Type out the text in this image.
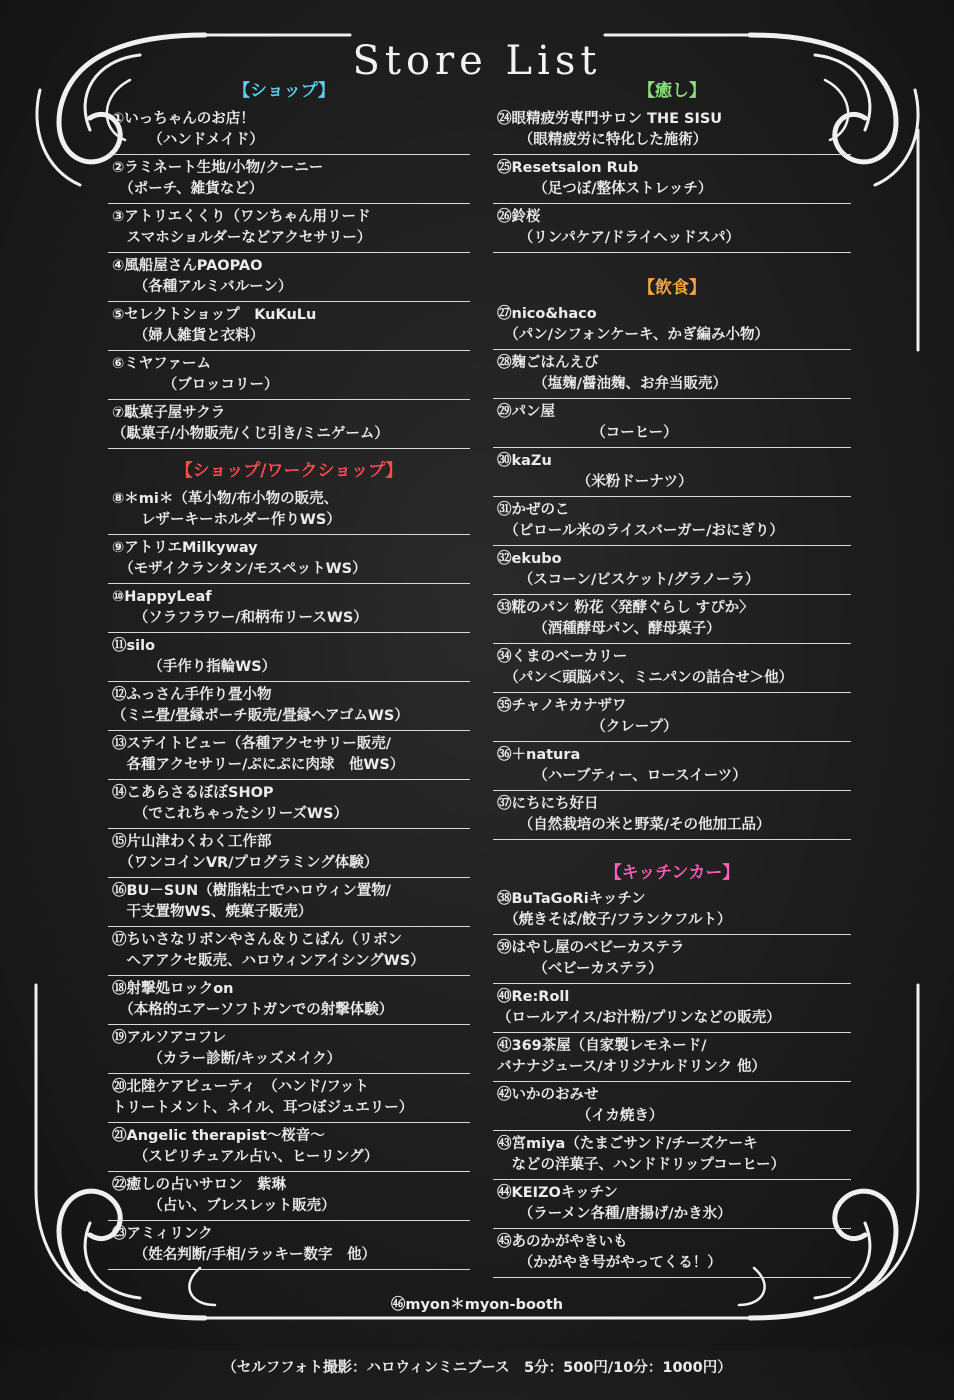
Store List
【ショップ】
①いっちゃんのお店！
　　　（ハンドメイド）
②ラミネート生地/小物/クーニー
　（ポーチ、雑貨など）
③アトリエくくり（ワンちゃん用リード
　スマホショルダーなどアクセサリー）
④風船屋さんPAOPAO
　　（各種アルミバルーン）
⑤セレクトショップ　KuKuLu
　　（婦人雑貨と衣料）
⑥ミヤファーム
　　　　（ブロッコリー）
⑦駄菓子屋サクラ
（駄菓子/小物販売/くじ引き/ミニゲーム）
【ショップ/ワークショップ】
⑧＊mi＊（革小物/布小物の販売、
　　レザーキーホルダー作りWS）
⑨アトリエMilkyway
　（モザイクランタン/モスペットWS）
⑩HappyLeaf
　　（ソラフラワー/和柄布リースWS）
⑪silo
　　　（手作り指輪WS）
⑫ふっさん手作り畳小物
（ミニ畳/畳縁ポーチ販売/畳縁ヘアゴムWS）
⑬ステイトビュー（各種アクセサリー販売/
　各種アクセサリー/ぷにぷに肉球　他WS）
⑭こあらさるぼぼSHOP
　　（でこれちゃったシリーズWS）
⑮片山津わくわく工作部
　（ワンコインVR/プログラミング体験）
⑯BU－SUN（樹脂粘土でハロウィン置物/
　干支置物WS、焼菓子販売）
⑰ちいさなリボンやさん＆りこぱん（リボン
　ヘアアクセ販売、ハロウィンアイシングWS）
⑱射撃処ロックon
　（本格的エアーソフトガンでの射撃体験）
⑲アルソアコフレ
　　　（カラー診断/キッズメイク）
⑳北陸ケアビューティ　（ハンド/フット
トリートメント、ネイル、耳つぼジュエリー）
㉑Angelic therapist～桜音～
　　（スピリチュアル占い、ヒーリング）
㉒癒しの占いサロン　紫琳
　　　（占い、ブレスレット販売）
㉓アミィリンク
　　（姓名判断/手相/ラッキー数字　他）
【癒し】
㉔眼精疲労専門サロン THE SISU
　　（眼精疲労に特化した施術）
㉕Resetsalon Rub
　　　（足つぼ/整体ストレッチ）
㉖鈴桜
　　（リンパケア/ドライヘッドスパ）
【飲食】
㉗nico&haco
　（パン/シフォンケーキ、かぎ編み小物）
㉘麹ごはんえび
　　　（塩麹/醤油麹、お弁当販売）
㉙パン屋
　　　　　　　（コーヒー）
㉚kaZu
　　　　　　（米粉ドーナツ）
㉛かぜのこ
　（ピロール米のライスバーガー/おにぎり）
㉜ekubo
　　（スコーン/ビスケット/グラノーラ）
㉝糀のパン 粉花〈発酵ぐらし すぴか〉
　　　（酒種酵母パン、酵母菓子）
㉞くまのベーカリー
　（パン＜頭脳パン、ミニパンの詰合せ＞他）
㉟チャノキカナザワ
　　　　　　　（クレープ）
㊱＋natura
　　　（ハーブティー、ロースイーツ）
㊲にちにち好日
　　（自然栽培の米と野菜/その他加工品）
【キッチンカー】
㊳BuTaGoRiキッチン
　（焼きそば/餃子/フランクフルト）
㊴はやし屋のベビーカステラ
　　　（ベビーカステラ）
㊵Re:Roll
（ロールアイス/お汁粉/プリンなどの販売）
㊶369茶屋（自家製レモネード/
バナナジュース/オリジナルドリンク 他）
㊷いかのおみせ
　　　　　　（イカ焼き）
㊸宮miya（たまごサンド/チーズケーキ
　などの洋菓子、ハンドドリップコーヒー）
㊹KEIZOキッチン
　　（ラーメン各種/唐揚げ/かき氷）
㊺あのかがやきいも
　　（かがやき号がやってくる！）

㊻myon＊myon-booth

（セルフフォト撮影：ハロウィンミニブース　5分：500円/10分：1000円）
